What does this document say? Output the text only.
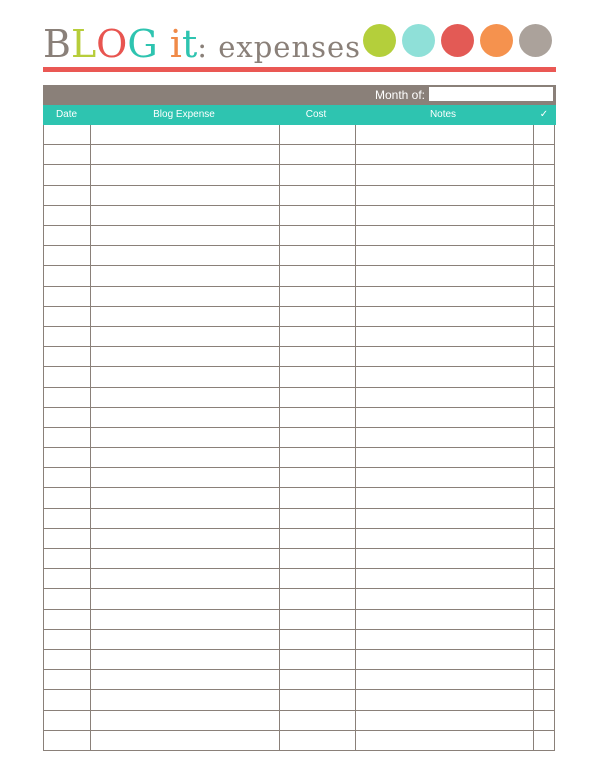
BLOG it: expenses
Month of:
Date	Blog Expense	Cost	Notes	✓
